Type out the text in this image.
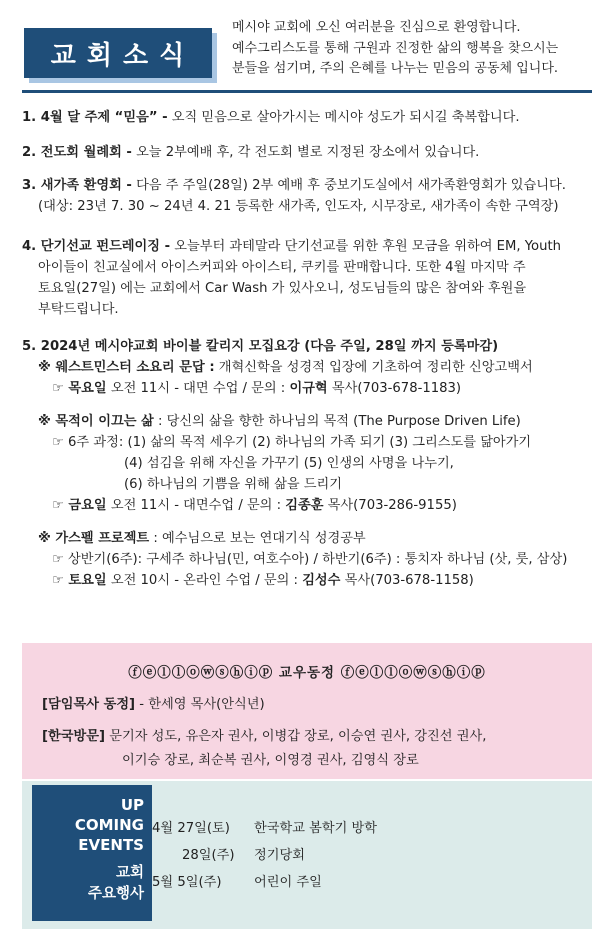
교회소식
메시야 교회에 오신 여러분을 진심으로 환영합니다.
예수그리스도를 통해 구원과 진정한 삶의 행복을 찾으시는
분들을 섬기며, 주의 은혜를 나누는 믿음의 공동체 입니다.
1. 4월 달 주제 “믿음” - 오직 믿음으로 살아가시는 메시야 성도가 되시길 축복합니다.
2. 전도회 월례회 - 오늘 2부예배 후, 각 전도회 별로 지정된 장소에서 있습니다.
3. 새가족 환영회 - 다음 주 주일(28일) 2부 예배 후 중보기도실에서 새가족환영회가 있습니다.
(대상: 23년 7. 30 ~ 24년 4. 21 등록한 새가족, 인도자, 시무장로, 새가족이 속한 구역장)
4. 단기선교 펀드레이징 - 오늘부터 과테말라 단기선교를 위한 후원 모금을 위하여 EM, Youth
아이들이 친교실에서 아이스커피와 아이스티, 쿠키를 판매합니다. 또한 4월 마지막 주
토요일(27일) 에는 교회에서 Car Wash 가 있사오니, 성도님들의 많은 참여와 후원을
부탁드립니다.
5. 2024년 메시야교회 바이블 칼리지 모집요강 (다음 주일, 28일 까지 등록마감)
※ 웨스트민스터 소요리 문답 : 개혁신학을 성경적 입장에 기초하여 정리한 신앙고백서
☞ 목요일 오전 11시 - 대면 수업 / 문의 : 이규혁 목사(703-678-1183)
※ 목적이 이끄는 삶 : 당신의 삶을 향한 하나님의 목적 (The Purpose Driven Life)
☞ 6주 과정: (1) 삶의 목적 세우기 (2) 하나님의 가족 되기 (3) 그리스도를 닮아가기
(4) 섬김을 위해 자신을 가꾸기 (5) 인생의 사명을 나누기,
(6) 하나님의 기쁨을 위해 삶을 드리기
☞ 금요일 오전 11시 - 대면수업 / 문의 : 김종훈 목사(703-286-9155)
※ 가스펠 프로젝트 : 예수님으로 보는 연대기식 성경공부
☞ 상반기(6주): 구세주 하나님(민, 여호수아) / 하반기(6주) : 통치자 하나님 (삿, 룻, 삼상)
☞ 토요일 오전 10시 - 온라인 수업 / 문의 : 김성수 목사(703-678-1158)
ⓕⓔⓛⓛⓞⓦⓢⓗⓘⓟ 교우동정 ⓕⓔⓛⓛⓞⓦⓢⓗⓘⓟ
[담임목사 동정] - 한세영 목사(안식년)
[한국방문] 문기자 성도, 유은자 권사, 이병갑 장로, 이승연 권사, 강진선 권사,
이기승 장로, 최순복 권사, 이영경 권사, 김영식 장로
UP
COMING
EVENTS
교회
주요행사
4월 27일(토) 한국학교 봄학기 방학
28일(주) 정기당회
5월 5일(주) 어린이 주일
